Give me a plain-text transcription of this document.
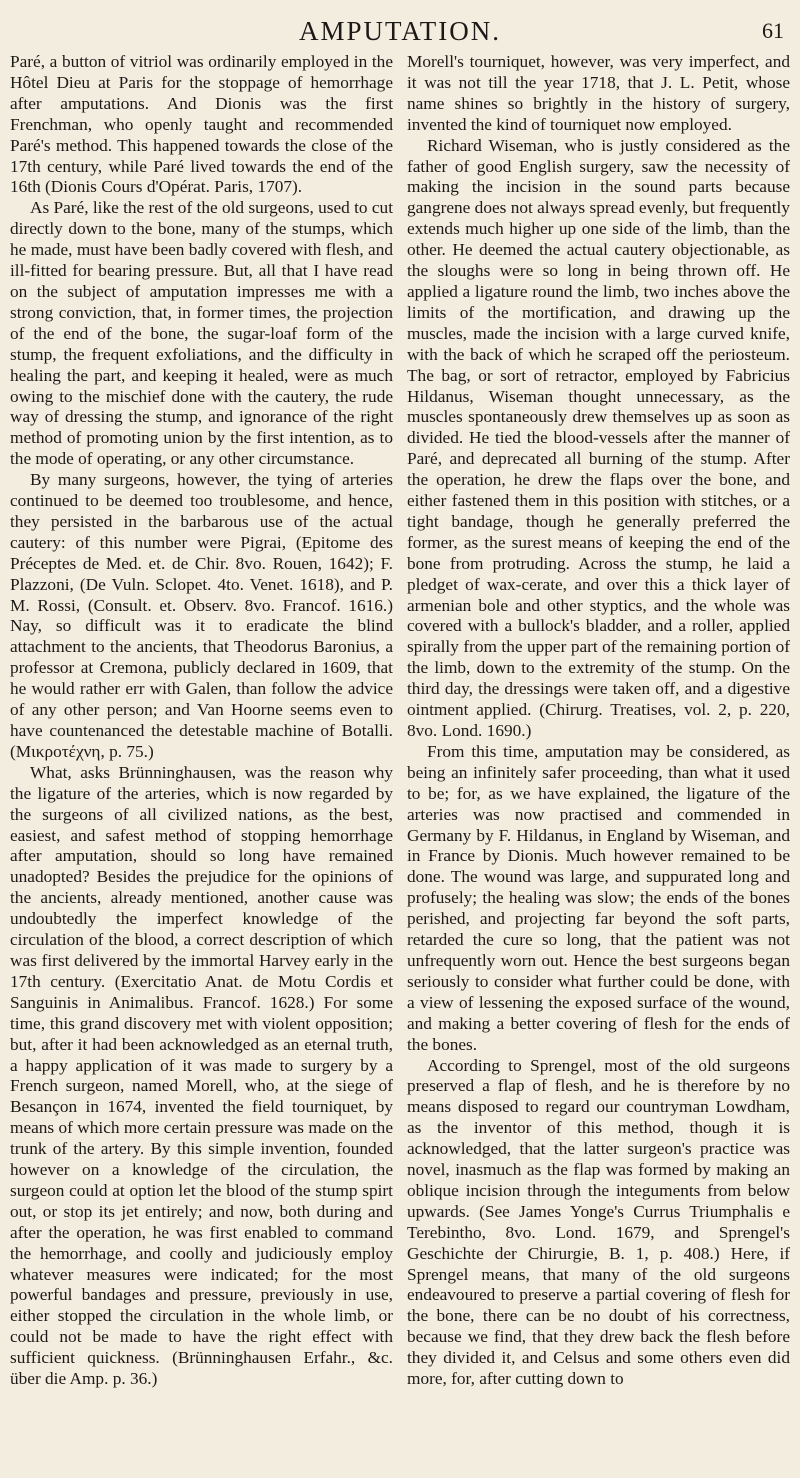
AMPUTATION.	61

Paré, a button of vitriol was ordinarily employed in the Hôtel Dieu at Paris for the stoppage of hemorrhage after amputations. And Dionis was the first Frenchman, who openly taught and recommended Paré's method. This happened towards the close of the 17th century, while Paré lived towards the end of the 16th (Dionis Cours d'Opérat. Paris, 1707).

As Paré, like the rest of the old surgeons, used to cut directly down to the bone, many of the stumps, which he made, must have been badly covered with flesh, and ill-fitted for bearing pressure. But, all that I have read on the subject of amputation impresses me with a strong conviction, that, in former times, the projection of the end of the bone, the sugar-loaf form of the stump, the frequent exfoliations, and the difficulty in healing the part, and keeping it healed, were as much owing to the mischief done with the cautery, the rude way of dressing the stump, and ignorance of the right method of promoting union by the first intention, as to the mode of operating, or any other circumstance.

By many surgeons, however, the tying of arteries continued to be deemed too troublesome, and hence, they persisted in the barbarous use of the actual cautery: of this number were Pigrai, (Epitome des Préceptes de Med. et. de Chir. 8vo. Rouen, 1642); F. Plazzoni, (De Vuln. Sclopet. 4to. Venet. 1618), and P. M. Rossi, (Consult. et. Observ. 8vo. Francof. 1616.) Nay, so difficult was it to eradicate the blind attachment to the ancients, that Theodorus Baronius, a professor at Cremona, publicly declared in 1609, that he would rather err with Galen, than follow the advice of any other person; and Van Hoorne seems even to have countenanced the detestable machine of Botalli. (Μικροτέχνη, p. 75.)

What, asks Brünninghausen, was the reason why the ligature of the arteries, which is now regarded by the surgeons of all civilized nations, as the best, easiest, and safest method of stopping hemorrhage after amputation, should so long have remained unadopted? Besides the prejudice for the opinions of the ancients, already mentioned, another cause was undoubtedly the imperfect knowledge of the circulation of the blood, a correct description of which was first delivered by the immortal Harvey early in the 17th century. (Exercitatio Anat. de Motu Cordis et Sanguinis in Animalibus. Francof. 1628.) For some time, this grand discovery met with violent opposition; but, after it had been acknowledged as an eternal truth, a happy application of it was made to surgery by a French surgeon, named Morell, who, at the siege of Besançon in 1674, invented the field tourniquet, by means of which more certain pressure was made on the trunk of the artery. By this simple invention, founded however on a knowledge of the circulation, the surgeon could at option let the blood of the stump spirt out, or stop its jet entirely; and now, both during and after the operation, he was first enabled to command the hemorrhage, and coolly and judiciously employ whatever measures were indicated; for the most powerful bandages and pressure, previously in use, either stopped the circulation in the whole limb, or could not be made to have the right effect with sufficient quickness. (Brünninghausen Erfahr., &c. über die Amp. p. 36.)

Morell's tourniquet, however, was very imperfect, and it was not till the year 1718, that J. L. Petit, whose name shines so brightly in the history of surgery, invented the kind of tourniquet now employed.

Richard Wiseman, who is justly considered as the father of good English surgery, saw the necessity of making the incision in the sound parts because gangrene does not always spread evenly, but frequently extends much higher up one side of the limb, than the other. He deemed the actual cautery objectionable, as the sloughs were so long in being thrown off. He applied a ligature round the limb, two inches above the limits of the mortification, and drawing up the muscles, made the incision with a large curved knife, with the back of which he scraped off the periosteum. The bag, or sort of retractor, employed by Fabricius Hildanus, Wiseman thought unnecessary, as the muscles spontaneously drew themselves up as soon as divided. He tied the blood-vessels after the manner of Paré, and deprecated all burning of the stump. After the operation, he drew the flaps over the bone, and either fastened them in this position with stitches, or a tight bandage, though he generally preferred the former, as the surest means of keeping the end of the bone from protruding. Across the stump, he laid a pledget of wax-cerate, and over this a thick layer of armenian bole and other styptics, and the whole was covered with a bullock's bladder, and a roller, applied spirally from the upper part of the remaining portion of the limb, down to the extremity of the stump. On the third day, the dressings were taken off, and a digestive ointment applied. (Chirurg. Treatises, vol. 2, p. 220, 8vo. Lond. 1690.)

From this time, amputation may be considered, as being an infinitely safer proceeding, than what it used to be; for, as we have explained, the ligature of the arteries was now practised and commended in Germany by F. Hildanus, in England by Wiseman, and in France by Dionis. Much however remained to be done. The wound was large, and suppurated long and profusely; the healing was slow; the ends of the bones perished, and projecting far beyond the soft parts, retarded the cure so long, that the patient was not unfrequently worn out. Hence the best surgeons began seriously to consider what further could be done, with a view of lessening the exposed surface of the wound, and making a better covering of flesh for the ends of the bones.

According to Sprengel, most of the old surgeons preserved a flap of flesh, and he is therefore by no means disposed to regard our countryman Lowdham, as the inventor of this method, though it is acknowledged, that the latter surgeon's practice was novel, inasmuch as the flap was formed by making an oblique incision through the integuments from below upwards. (See James Yonge's Currus Triumphalis e Terebintho, 8vo. Lond. 1679, and Sprengel's Geschichte der Chirurgie, B. 1, p. 408.) Here, if Sprengel means, that many of the old surgeons endeavoured to preserve a partial covering of flesh for the bone, there can be no doubt of his correctness, because we find, that they drew back the flesh before they divided it, and Celsus and some others even did more, for, after cutting down to
